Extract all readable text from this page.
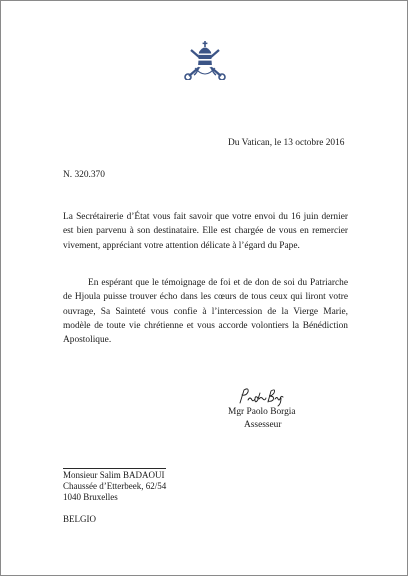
Du Vatican, le 13 octobre 2016
N. 320.370
La Secrétairerie d’État vous fait savoir que votre envoi du 16 juin dernier
est bien parvenu à son destinataire. Elle est chargée de vous en remercier
vivement, appréciant votre attention délicate à l’égard du Pape.
En espérant que le témoignage de foi et de don de soi du Patriarche
de Hjoula puisse trouver écho dans les cœurs de tous ceux qui liront votre
ouvrage, Sa Sainteté vous confie à l’intercession de la Vierge Marie,
modèle de toute vie chrétienne et vous accorde volontiers la Bénédiction
Apostolique.
Mgr Paolo Borgia
Assesseur
Monsieur Salim BADAOUI
Chaussée d’Etterbeek, 62/54
1040 Bruxelles
BELGIO
